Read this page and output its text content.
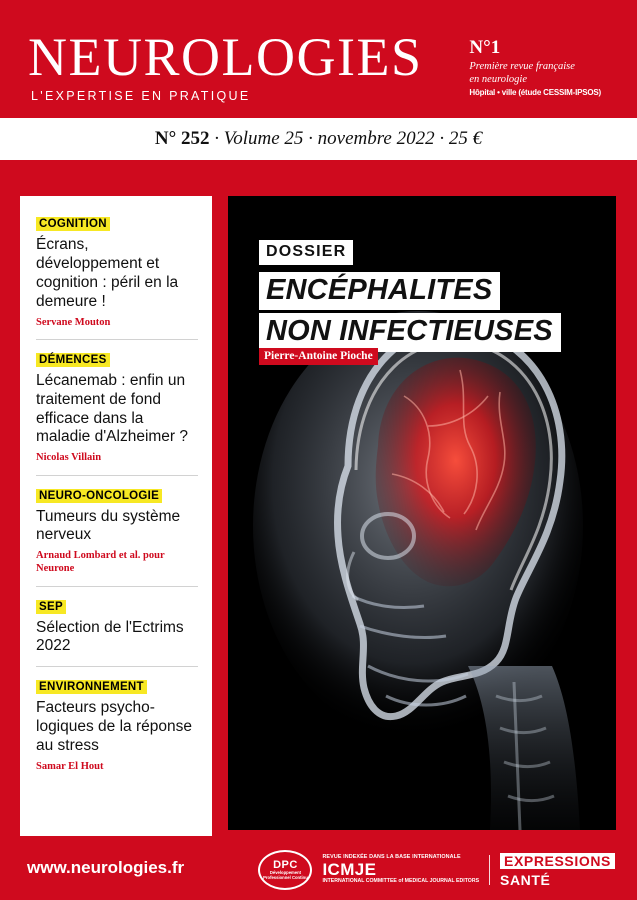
NEUROLOGIES
L'EXPERTISE EN PRATIQUE
N°1
Première revue française
en neurologie
Hôpital • ville (étude CESSIM-IPSOS)
N° 252 · Volume 25 · novembre 2022 · 25 €
COGNITION
Écrans, développement et cognition : péril en la demeure !
Servane Mouton
DÉMENCES
Lécanemab : enfin un traitement de fond efficace dans la maladie d'Alzheimer ?
Nicolas Villain
NEURO-ONCOLOGIE
Tumeurs du système nerveux
Arnaud Lombard et al. pour Neurone
SEP
Sélection de l'Ectrims 2022
ENVIRONNEMENT
Facteurs psycho-logiques de la réponse au stress
Samar El Hout
DOSSIER
ENCÉPHALITES
NON INFECTIEUSES
Pierre-Antoine Pioche
www.neurologies.fr	DPC
Développement Professionnel Continu
REVUE INDEXÉE DANS LA BASE INTERNATIONALE
ICMJE
INTERNATIONAL COMMITTEE of MEDICAL JOURNAL EDITORS
EXPRESSIONS
SANTÉ
